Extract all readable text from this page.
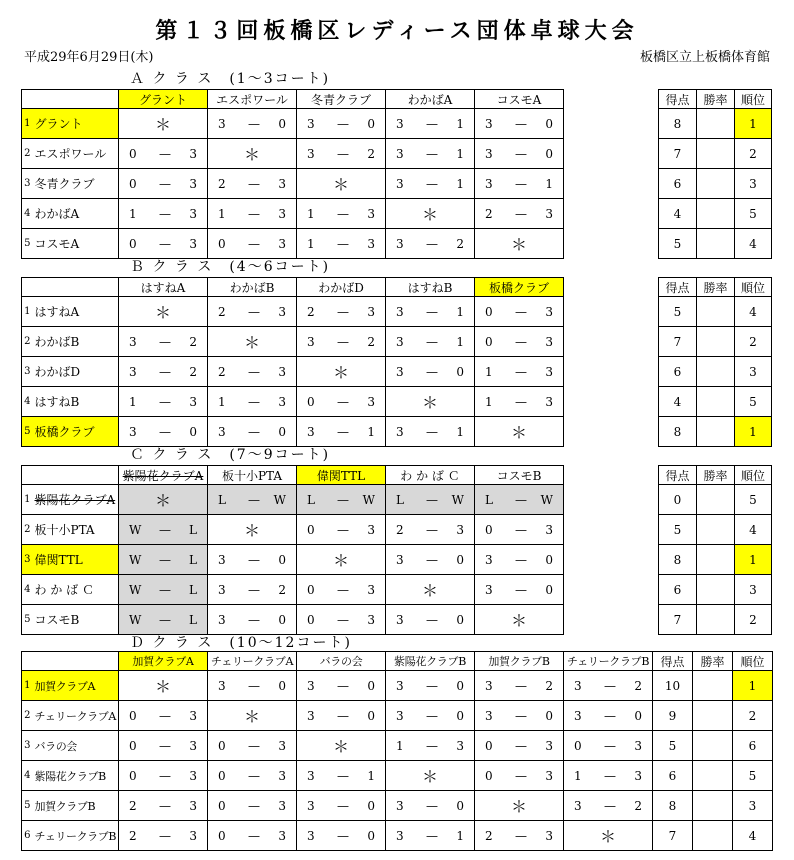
第１３回板橋区レディース団体卓球大会
平成29年6月29日(木)	板橋区立上板橋体育館
Ａ ク ラ ス　(1～3コート)
		グラント	エスポワール	冬青クラブ	わかばA	コスモA
1	グラント	＊	3 — 0	3 — 0	3 — 1	3 — 0

2	エスポワール	0 — 3	＊	3 — 2	3 — 1	3 — 0

3	冬青クラブ	0 — 3	2 — 3	＊	3 — 1	3 — 1

4	わかばA	1 — 3	1 — 3	1 — 3	＊	2 — 3

5	コスモA	0 — 3	0 — 3	1 — 3	3 — 2	＊
得点	勝率	順位
8		1
7		2
6		3
4		5
5		4
Ｂ ク ラ ス　(4～6コート)
		はすねA	わかばB	わかばD	はすねB	板橋クラブ
1	はすねA	＊	2 — 3	2 — 3	3 — 1	0 — 3

2	わかばB	3 — 2	＊	3 — 2	3 — 1	0 — 3

3	わかばD	3 — 2	2 — 3	＊	3 — 0	1 — 3

4	はすねB	1 — 3	1 — 3	0 — 3	＊	1 — 3

5	板橋クラブ	3 — 0	3 — 0	3 — 1	3 — 1	＊
得点	勝率	順位
5		4
7		2
6		3
4		5
8		1
Ｃ ク ラ ス　(7～9コート)
		紫陽花クラブA	板十小PTA	偉関TTL	わ か ば Ｃ	コスモB
1	紫陽花クラブA	＊	L — W	L — W	L — W	L — W

2	板十小PTA	W — L	＊	0 — 3	2 — 3	0 — 3

3	偉関TTL	W — L	3 — 0	＊	3 — 0	3 — 0

4	わ か ば Ｃ	W — L	3 — 2	0 — 3	＊	3 — 0

5	コスモB	W — L	3 — 0	0 — 3	3 — 0	＊
得点	勝率	順位
0		5
5		4
8		1
6		3
7		2
Ｄ ク ラ ス　(10～12コート)
		加賀クラブA	チェリークラブA	バラの会	紫陽花クラブB	加賀クラブB	チェリークラブB	得点	勝率	順位
1	加賀クラブA	＊	3 — 0	3 — 0	3 — 0	3 — 2	3 — 2	10		1
2	チェリークラブA	0 — 3	＊	3 — 0	3 — 0	3 — 0	3 — 0	9		2
3	バラの会	0 — 3	0 — 3	＊	1 — 3	0 — 3	0 — 3	5		6
4	紫陽花クラブB	0 — 3	0 — 3	3 — 1	＊	0 — 3	1 — 3	6		5
5	加賀クラブB	2 — 3	0 — 3	3 — 0	3 — 0	＊	3 — 2	8		3
6	チェリークラブB	2 — 3	0 — 3	3 — 0	3 — 1	2 — 3	＊	7		4
